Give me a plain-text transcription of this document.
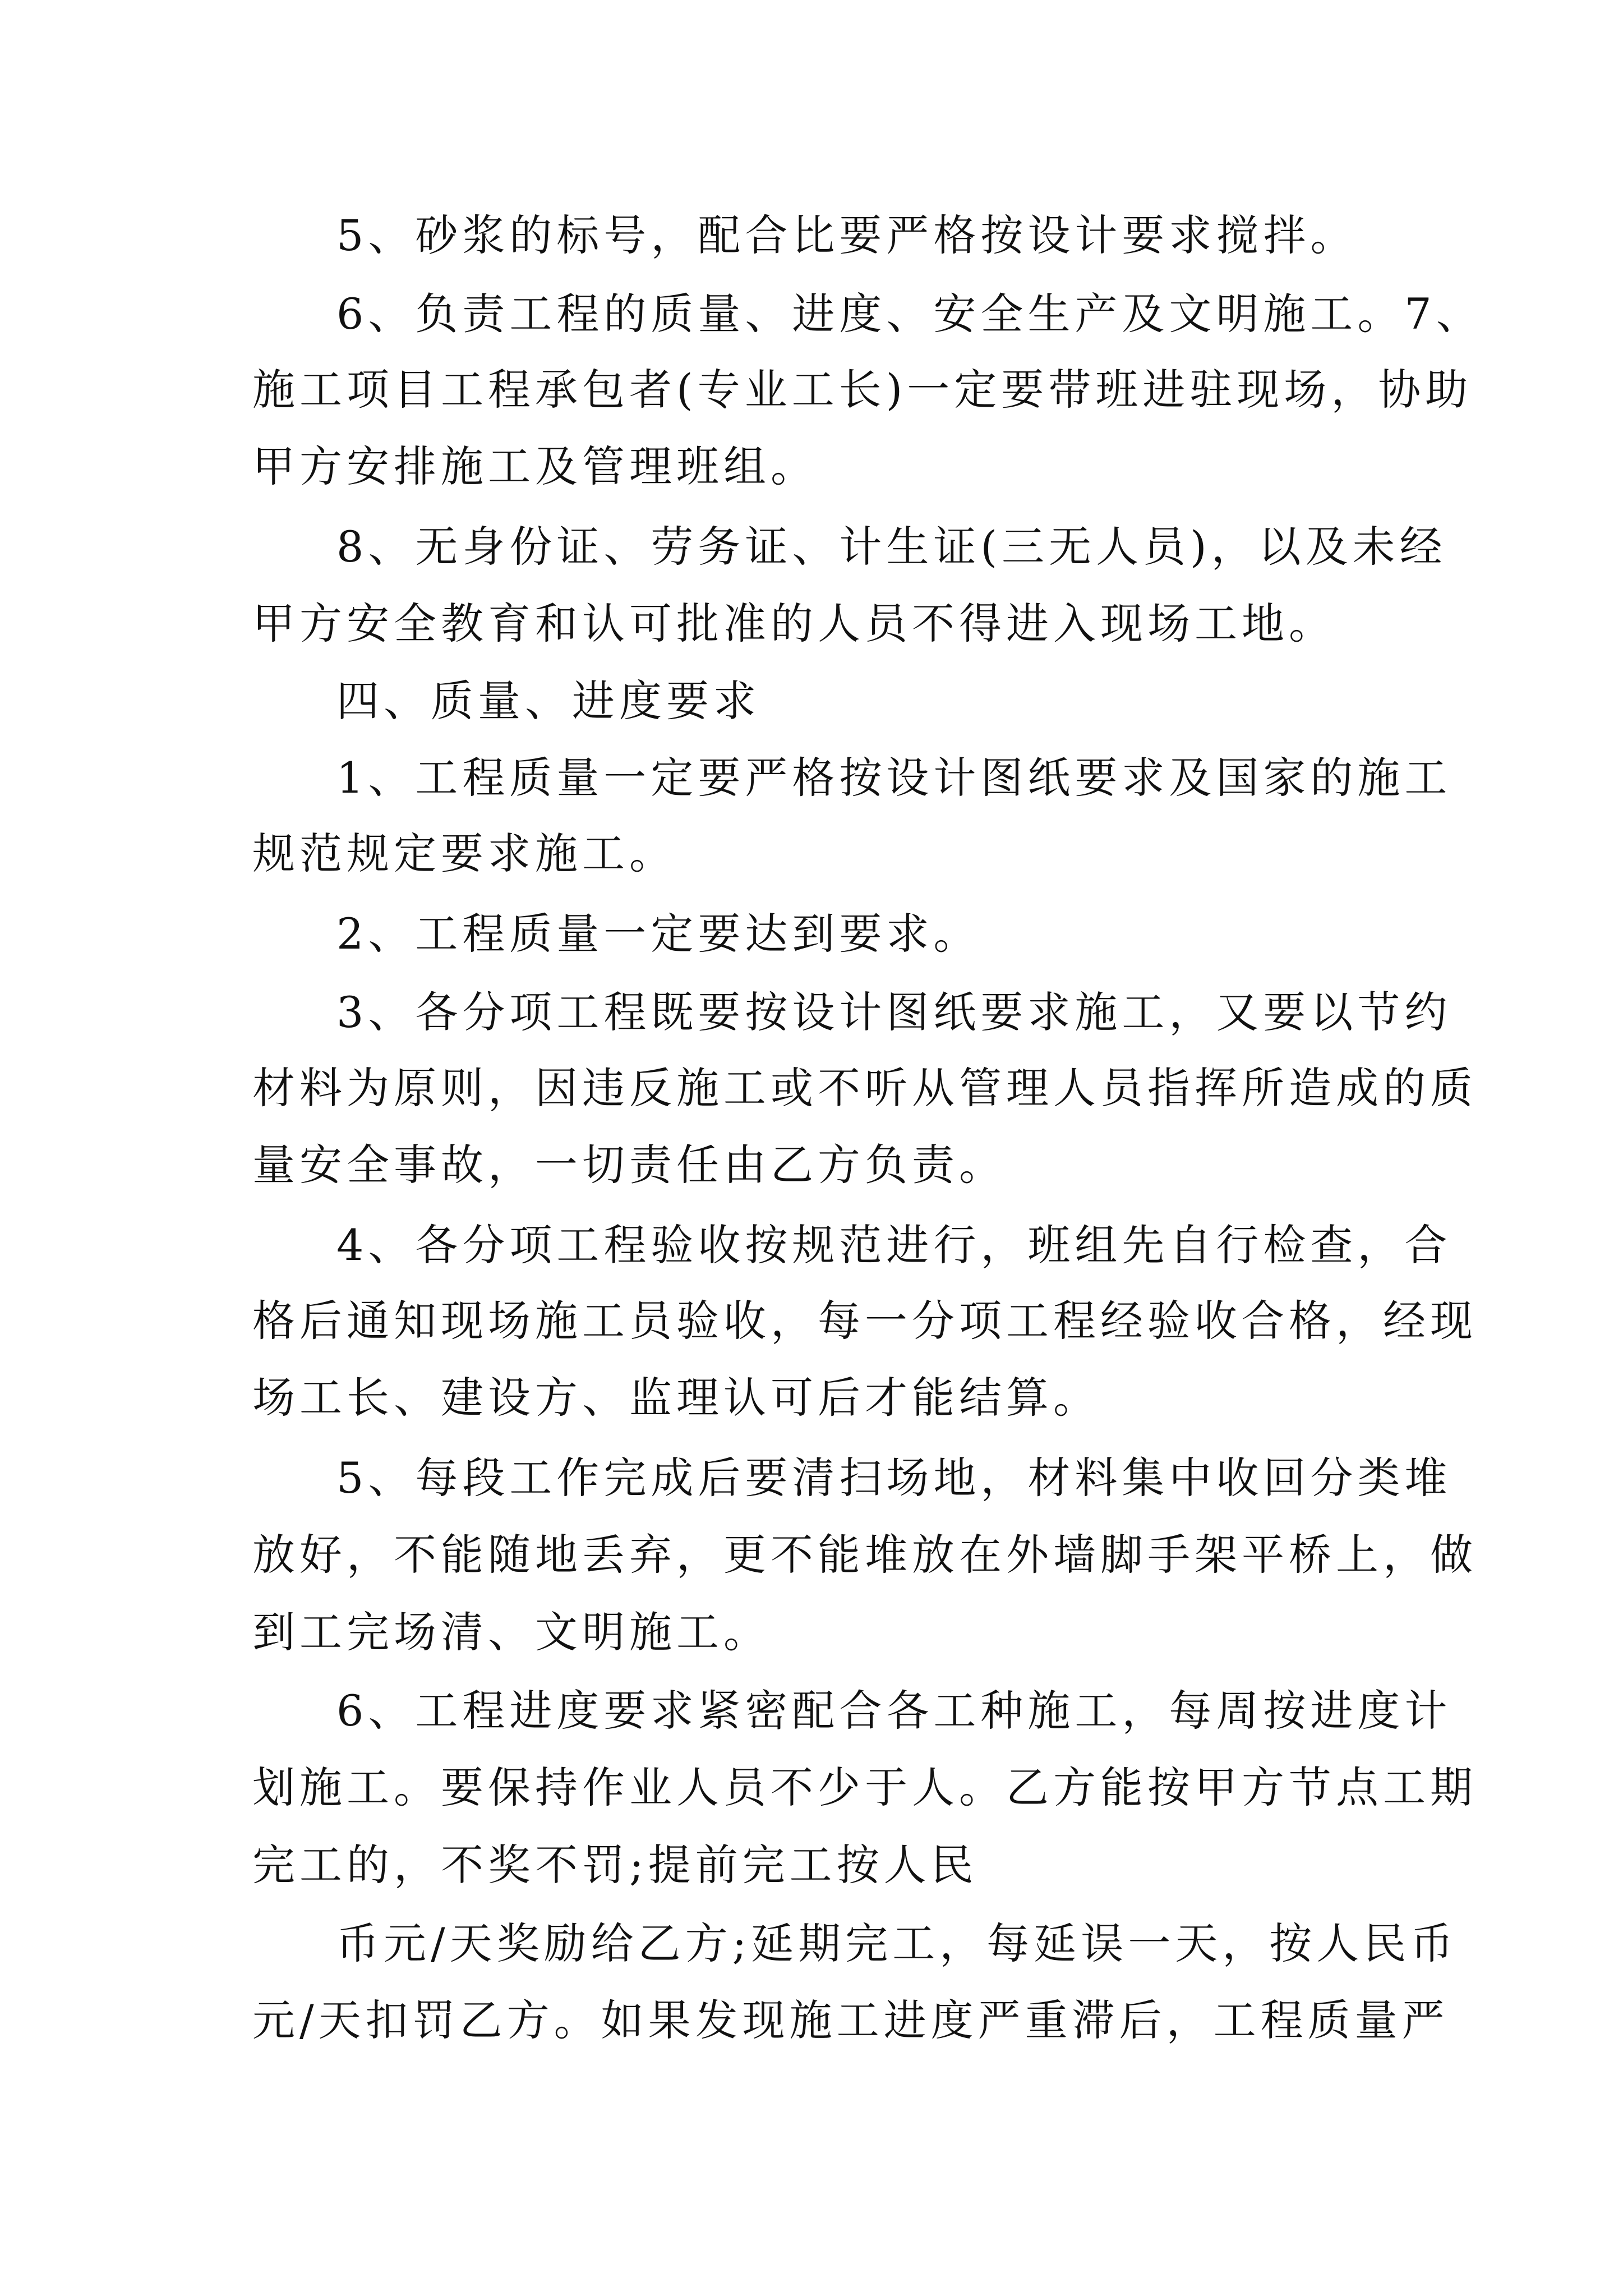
5、砂浆的标号，配合比要严格按设计要求搅拌。
6、负责工程的质量、进度、安全生产及文明施工。7、
施工项目工程承包者(专业工长)一定要带班进驻现场，协助
甲方安排施工及管理班组。
8、无身份证、劳务证、计生证(三无人员)，以及未经
甲方安全教育和认可批准的人员不得进入现场工地。
四、质量、进度要求
1、工程质量一定要严格按设计图纸要求及国家的施工
规范规定要求施工。
2、工程质量一定要达到要求。
3、各分项工程既要按设计图纸要求施工，又要以节约
材料为原则，因违反施工或不听从管理人员指挥所造成的质
量安全事故，一切责任由乙方负责。
4、各分项工程验收按规范进行，班组先自行检查，合
格后通知现场施工员验收，每一分项工程经验收合格，经现
场工长、建设方、监理认可后才能结算。
5、每段工作完成后要清扫场地，材料集中收回分类堆
放好，不能随地丢弃，更不能堆放在外墙脚手架平桥上，做
到工完场清、文明施工。
6、工程进度要求紧密配合各工种施工，每周按进度计
划施工。要保持作业人员不少于人。乙方能按甲方节点工期
完工的，不奖不罚;提前完工按人民
币元/天奖励给乙方;延期完工，每延误一天，按人民币
元/天扣罚乙方。如果发现施工进度严重滞后，工程质量严
